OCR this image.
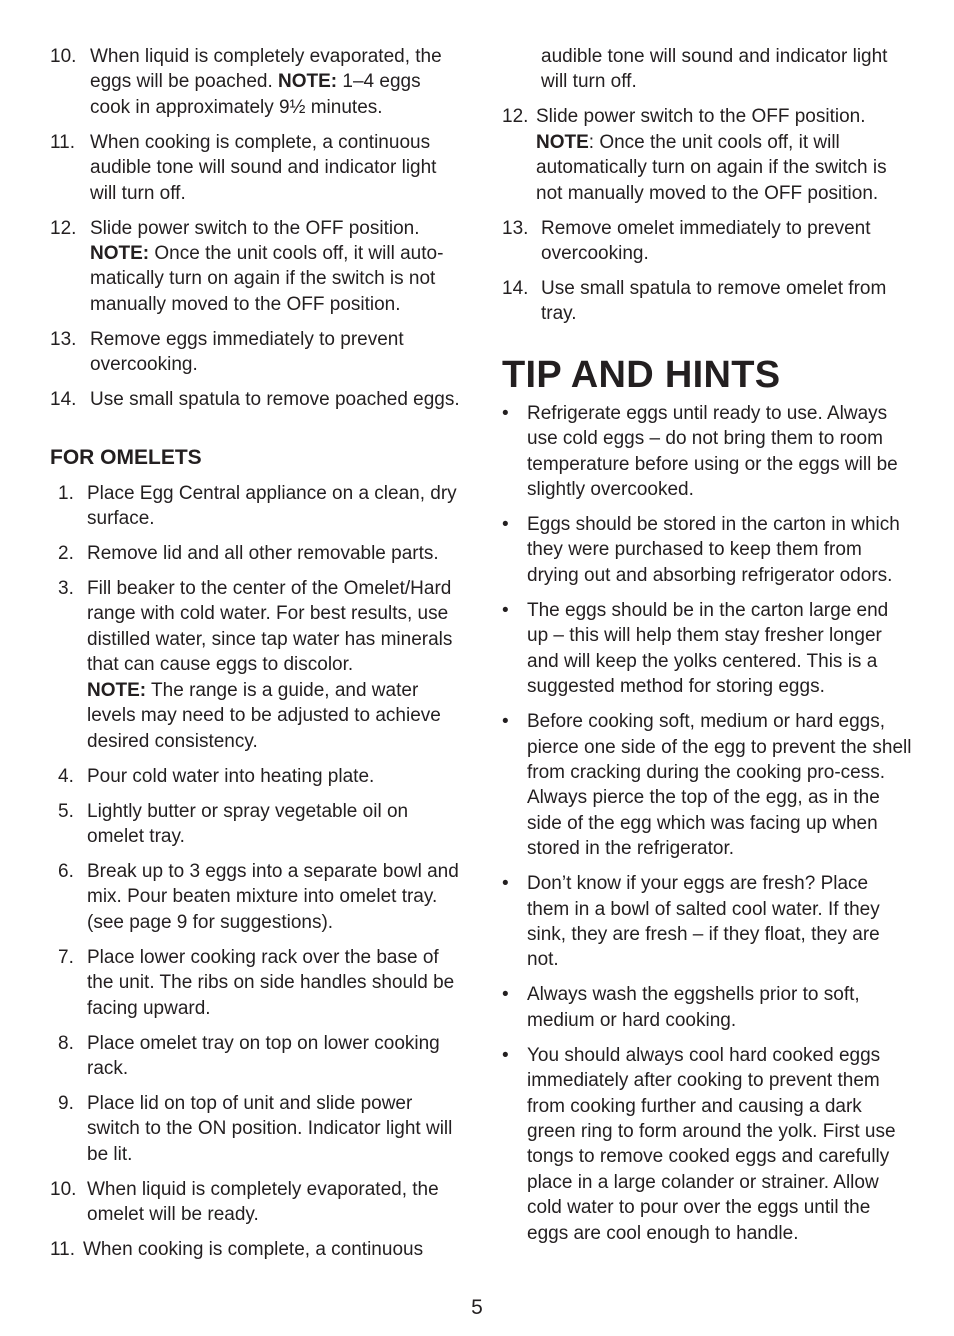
10. When liquid is completely evaporated, the eggs will be poached. NOTE: 1–4 eggs cook in approximately 9½ minutes.
11. When cooking is complete, a continuous audible tone will sound and indicator light will turn off.
12. Slide power switch to the OFF position.
NOTE: Once the unit cools off, it will auto-matically turn on again if the switch is not manually moved to the OFF position.
13. Remove eggs immediately to prevent overcooking.
14. Use small spatula to remove poached eggs.
FOR OMELETS
1. Place Egg Central appliance on a clean, dry surface.
2. Remove lid and all other removable parts.
3. Fill beaker to the center of the Omelet/Hard range with cold water. For best results, use distilled water, since tap water has minerals that can cause eggs to discolor.
NOTE: The range is a guide, and water levels may need to be adjusted to achieve desired consistency.
4. Pour cold water into heating plate.
5. Lightly butter or spray vegetable oil on omelet tray.
6. Break up to 3 eggs into a separate bowl and mix. Pour beaten mixture into omelet tray. (see page 9 for suggestions).
7. Place lower cooking rack over the base of the unit. The ribs on side handles should be facing upward.
8. Place omelet tray on top on lower cooking rack.
9. Place lid on top of unit and slide power switch to the ON position. Indicator light will be lit.
10. When liquid is completely evaporated, the omelet will be ready.
11. When cooking is complete, a continuous
audible tone will sound and indicator light will turn off.
12. Slide power switch to the OFF position.
NOTE: Once the unit cools off, it will automatically turn on again if the switch is not manually moved to the OFF position.
13. Remove omelet immediately to prevent overcooking.
14. Use small spatula to remove omelet from tray.
TIP AND HINTS
• Refrigerate eggs until ready to use. Always use cold eggs – do not bring them to room temperature before using or the eggs will be slightly overcooked.
• Eggs should be stored in the carton in which they were purchased to keep them from drying out and absorbing refrigerator odors.
• The eggs should be in the carton large end up – this will help them stay fresher longer and will keep the yolks centered. This is a suggested method for storing eggs.
• Before cooking soft, medium or hard eggs, pierce one side of the egg to prevent the shell from cracking during the cooking pro-cess. Always pierce the top of the egg, as in the side of the egg which was facing up when stored in the refrigerator.
• Don’t know if your eggs are fresh? Place them in a bowl of salted cool water. If they sink, they are fresh – if they float, they are not.
• Always wash the eggshells prior to soft, medium or hard cooking.
• You should always cool hard cooked eggs immediately after cooking to prevent them from cooking further and causing a dark green ring to form around the yolk. First use tongs to remove cooked eggs and carefully place in a large colander or strainer. Allow cold water to pour over the eggs until the eggs are cool enough to handle.
5
